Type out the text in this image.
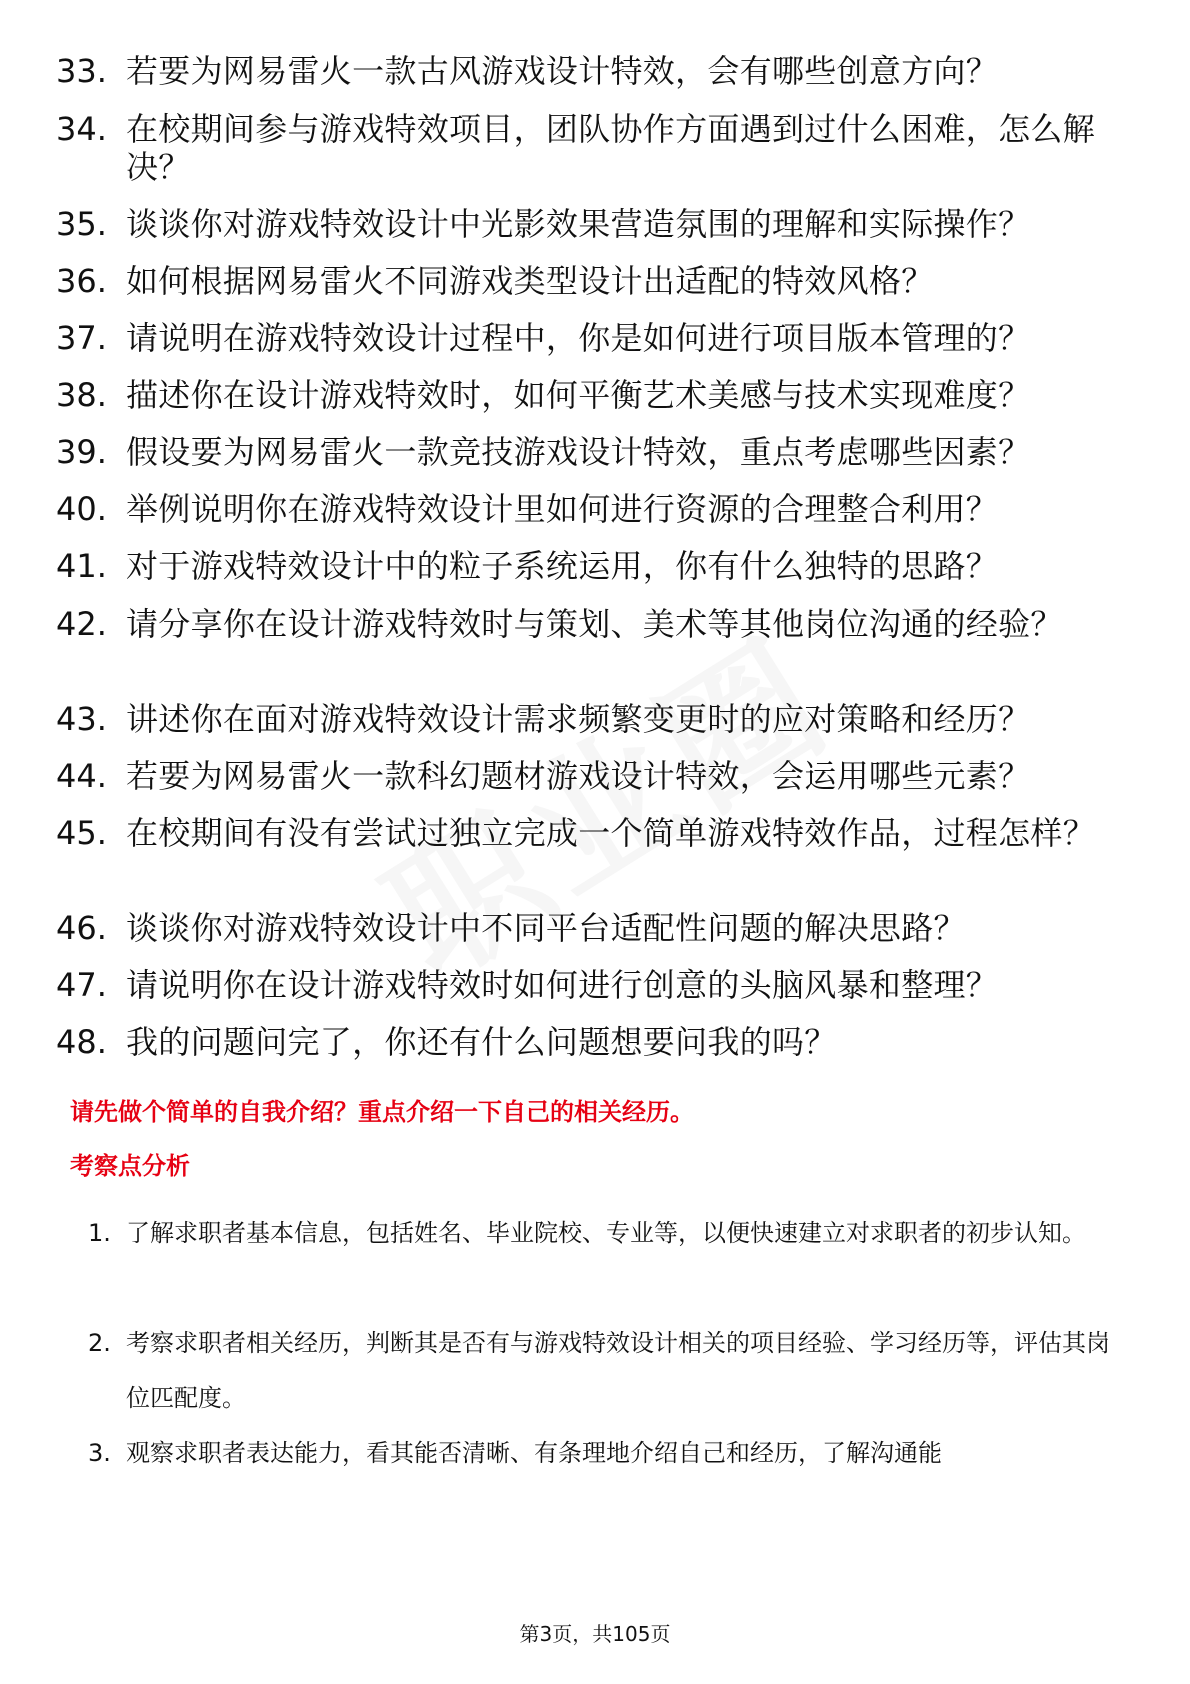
33. 若要为网易雷火一款古风游戏设计特效，会有哪些创意方向？
34. 在校期间参与游戏特效项目，团队协作方面遇到过什么困难，怎么解决？
35. 谈谈你对游戏特效设计中光影效果营造氛围的理解和实际操作？
36. 如何根据网易雷火不同游戏类型设计出适配的特效风格？
37. 请说明在游戏特效设计过程中，你是如何进行项目版本管理的？
38. 描述你在设计游戏特效时，如何平衡艺术美感与技术实现难度？
39. 假设要为网易雷火一款竞技游戏设计特效，重点考虑哪些因素？
40. 举例说明你在游戏特效设计里如何进行资源的合理整合利用？
41. 对于游戏特效设计中的粒子系统运用，你有什么独特的思路？
42. 请分享你在设计游戏特效时与策划、美术等其他岗位沟通的经验？
43. 讲述你在面对游戏特效设计需求频繁变更时的应对策略和经历？
44. 若要为网易雷火一款科幻题材游戏设计特效，会运用哪些元素？
45. 在校期间有没有尝试过独立完成一个简单游戏特效作品，过程怎样？
46. 谈谈你对游戏特效设计中不同平台适配性问题的解决思路？
47. 请说明你在设计游戏特效时如何进行创意的头脑风暴和整理？
48. 我的问题问完了，你还有什么问题想要问我的吗？
请先做个简单的自我介绍？重点介绍一下自己的相关经历。
考察点分析
1. 了解求职者基本信息，包括姓名、毕业院校、专业等，以便快速建立对求职者的初步认知。
2. 考察求职者相关经历，判断其是否有与游戏特效设计相关的项目经验、学习经历等，评估其岗位匹配度。
3. 观察求职者表达能力，看其能否清晰、有条理地介绍自己和经历，了解沟通能
第3页，共105页
